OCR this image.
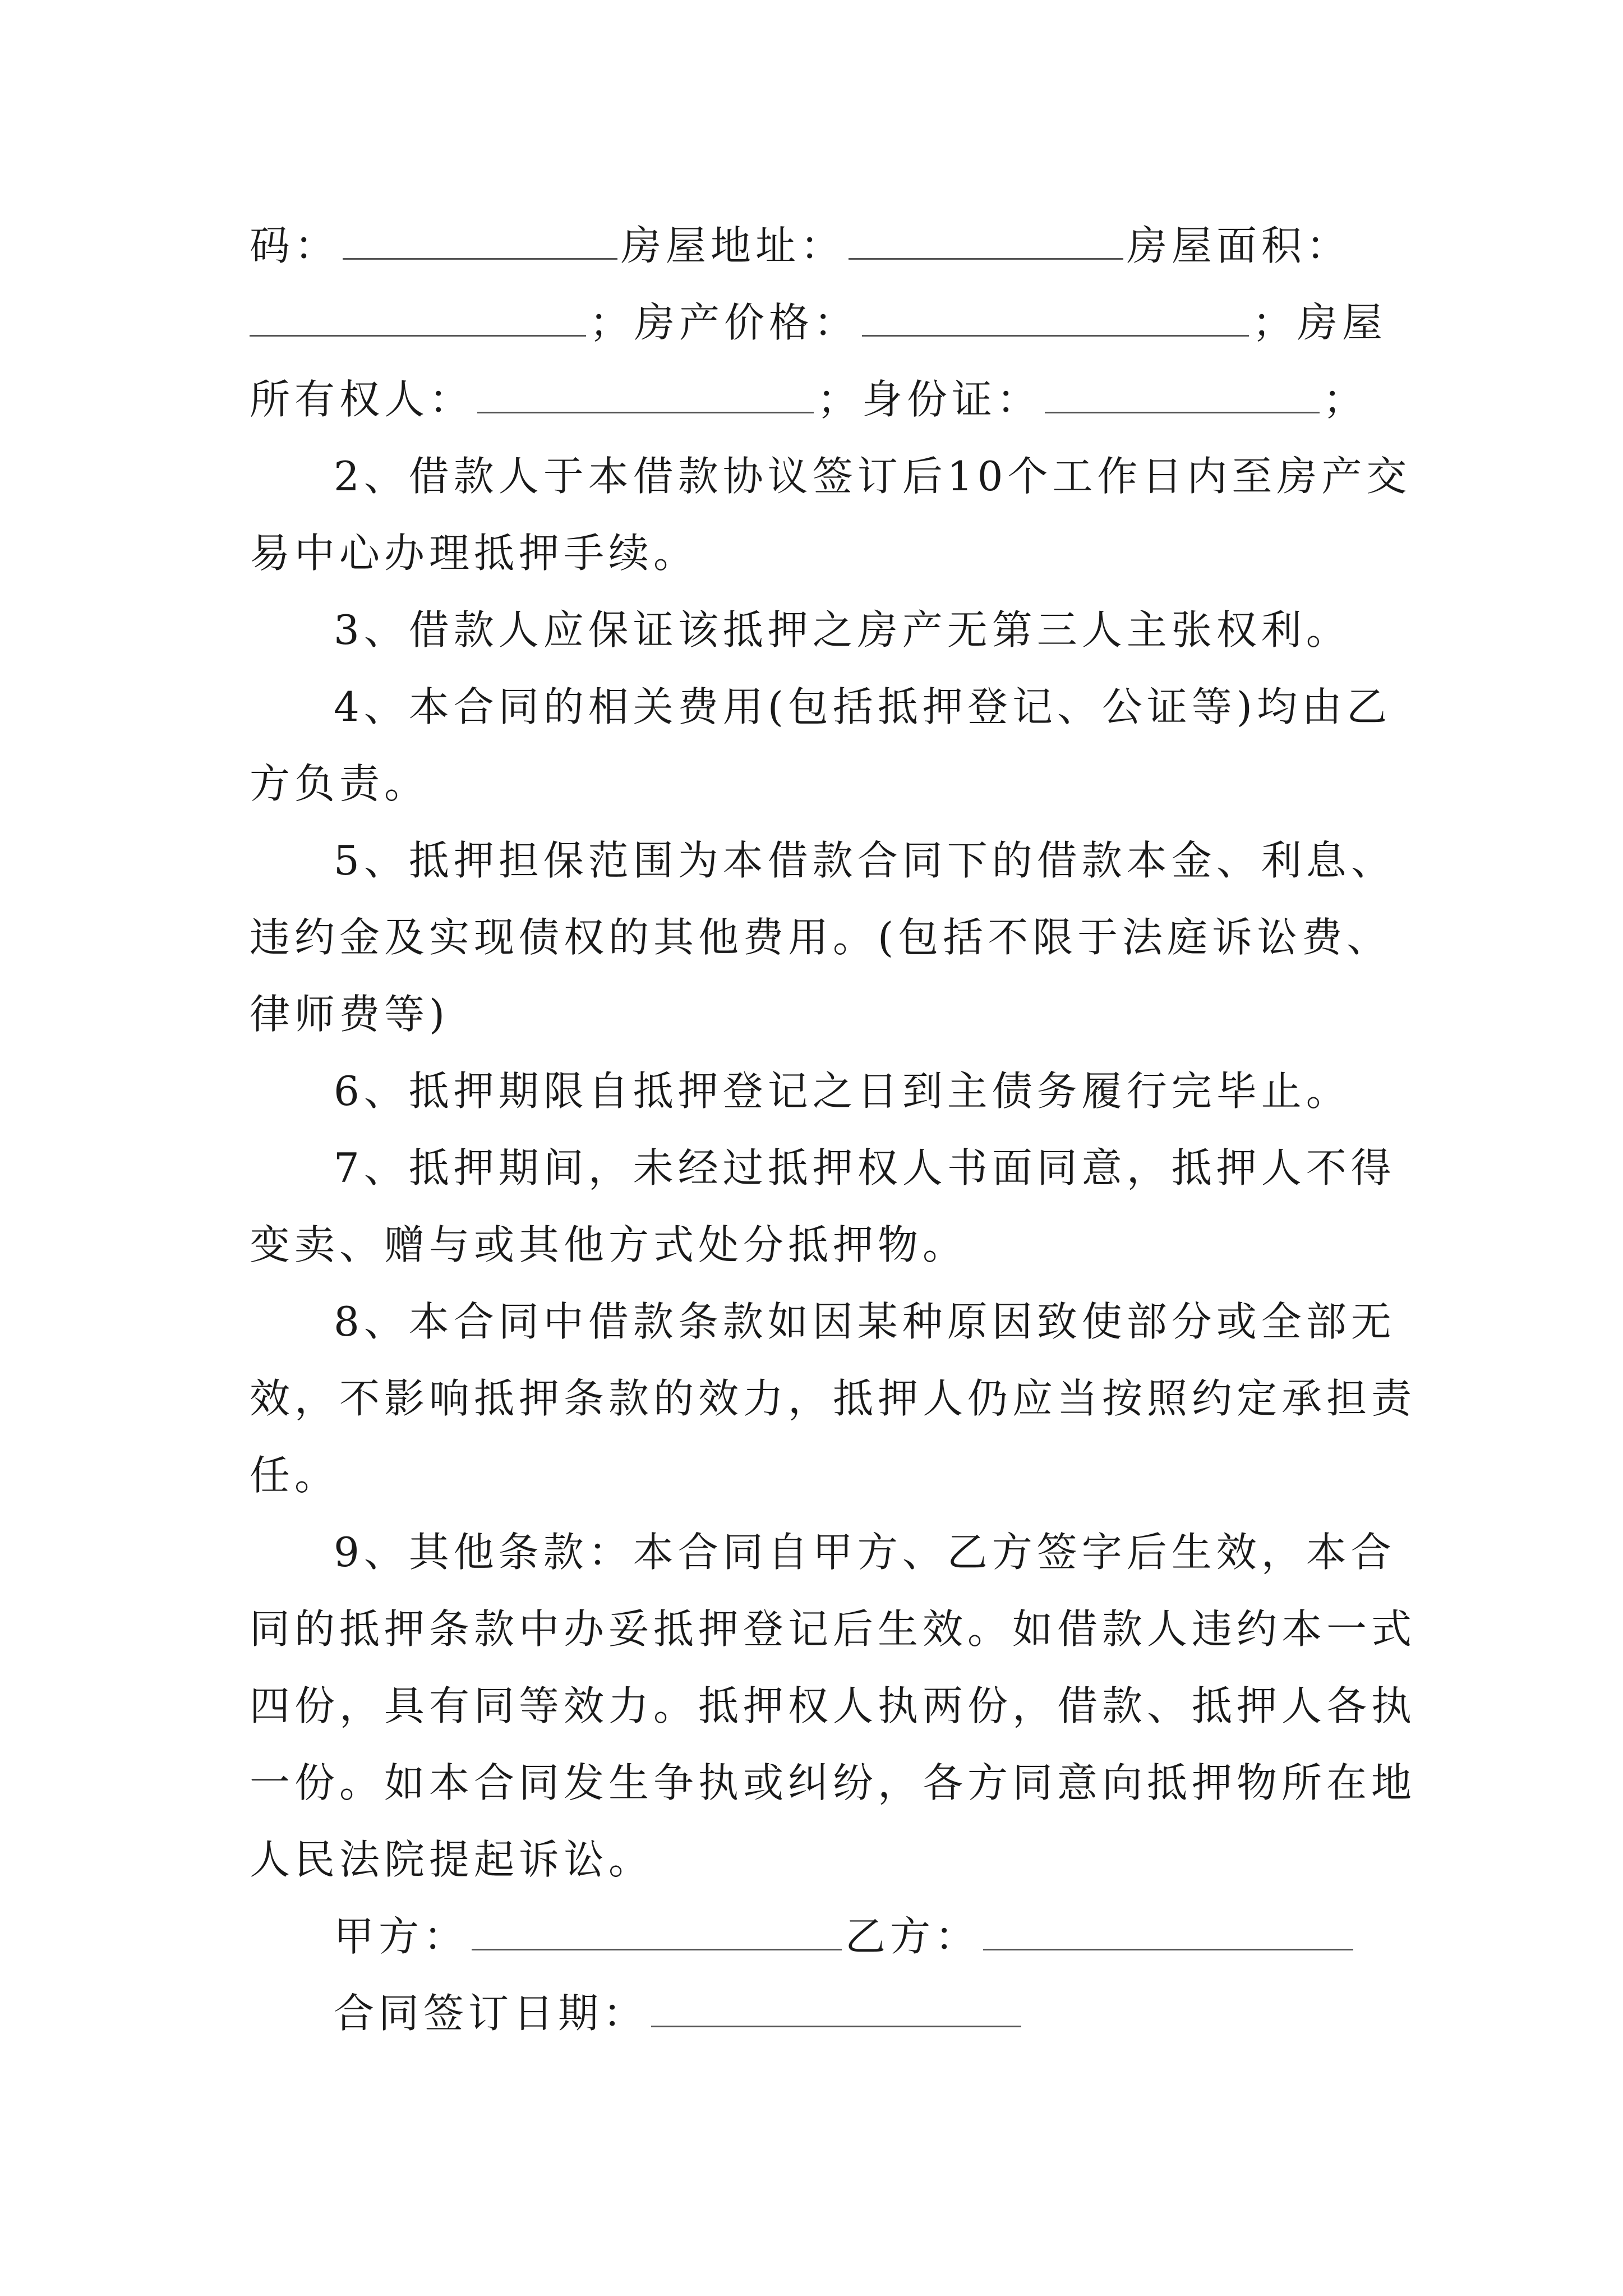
码：	房屋地址：	房屋面积：
；房产价格：	；房屋
所有权人：	；身份证：	；
2、借款人于本借款协议签订后10个工作日内至房产交
易中心办理抵押手续。
3、借款人应保证该抵押之房产无第三人主张权利。
4、本合同的相关费用(包括抵押登记、公证等)均由乙
方负责。
5、抵押担保范围为本借款合同下的借款本金、利息、
违约金及实现债权的其他费用。(包括不限于法庭诉讼费、
律师费等)
6、抵押期限自抵押登记之日到主债务履行完毕止。
7、抵押期间，未经过抵押权人书面同意，抵押人不得
变卖、赠与或其他方式处分抵押物。
8、本合同中借款条款如因某种原因致使部分或全部无
效，不影响抵押条款的效力，抵押人仍应当按照约定承担责
任。
9、其他条款：本合同自甲方、乙方签字后生效，本合
同的抵押条款中办妥抵押登记后生效。如借款人违约本一式
四份，具有同等效力。抵押权人执两份，借款、抵押人各执
一份。如本合同发生争执或纠纷，各方同意向抵押物所在地
人民法院提起诉讼。
甲方：	乙方：
合同签订日期：
